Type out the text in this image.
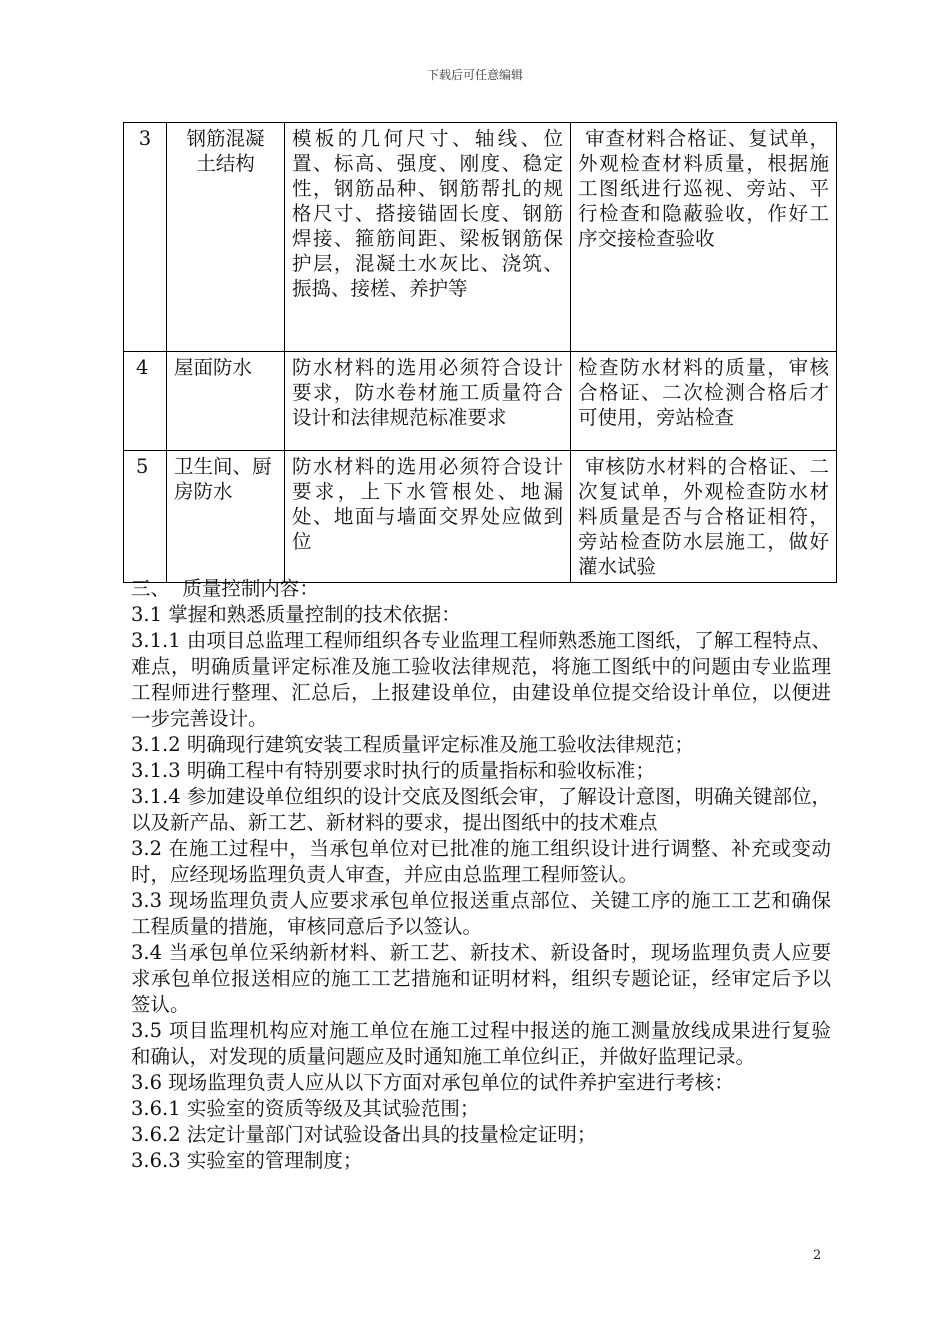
下载后可任意编辑
3	钢筋混凝土结构	模板的几何尺寸、轴线、位置、标高、强度、刚度、稳定性，钢筋品种、钢筋帮扎的规格尺寸、搭接锚固长度、钢筋焊接、箍筋间距、梁板钢筋保护层，混凝土水灰比、浇筑、振捣、接槎、养护等	审查材料合格证、复试单，外观检查材料质量，根据施工图纸进行巡视、旁站、平行检查和隐蔽验收，作好工序交接检查验收
4	屋面防水	防水材料的选用必须符合设计要求，防水卷材施工质量符合设计和法律规范标准要求	检查防水材料的质量，审核合格证、二次检测合格后才可使用，旁站检查
5	卫生间、厨房防水	防水材料的选用必须符合设计要求，上下水管根处、地漏处、地面与墙面交界处应做到位	审核防水材料的合格证、二次复试单，外观检查防水材料质量是否与合格证相符，旁站检查防水层施工，做好灌水试验

三、  质量控制内容：

3.1 掌握和熟悉质量控制的技术依据：

3.1.1 由项目总监理工程师组织各专业监理工程师熟悉施工图纸，了解工程特点、难点，明确质量评定标准及施工验收法律规范，将施工图纸中的问题由专业监理工程师进行整理、汇总后，上报建设单位，由建设单位提交给设计单位，以便进一步完善设计。

3.1.2 明确现行建筑安装工程质量评定标准及施工验收法律规范；

3.1.3 明确工程中有特别要求时执行的质量指标和验收标准；

3.1.4 参加建设单位组织的设计交底及图纸会审，了解设计意图，明确关键部位，以及新产品、新工艺、新材料的要求，提出图纸中的技术难点

3.2 在施工过程中，当承包单位对已批准的施工组织设计进行调整、补充或变动时，应经现场监理负责人审查，并应由总监理工程师签认。

3.3 现场监理负责人应要求承包单位报送重点部位、关键工序的施工工艺和确保工程质量的措施，审核同意后予以签认。

3.4 当承包单位采纳新材料、新工艺、新技术、新设备时，现场监理负责人应要求承包单位报送相应的施工工艺措施和证明材料，组织专题论证，经审定后予以签认。

3.5 项目监理机构应对施工单位在施工过程中报送的施工测量放线成果进行复验和确认，对发现的质量问题应及时通知施工单位纠正，并做好监理记录。

3.6 现场监理负责人应从以下方面对承包单位的试件养护室进行考核：

3.6.1 实验室的资质等级及其试验范围；

3.6.2 法定计量部门对试验设备出具的技量检定证明；

3.6.3 实验室的管理制度；

2
